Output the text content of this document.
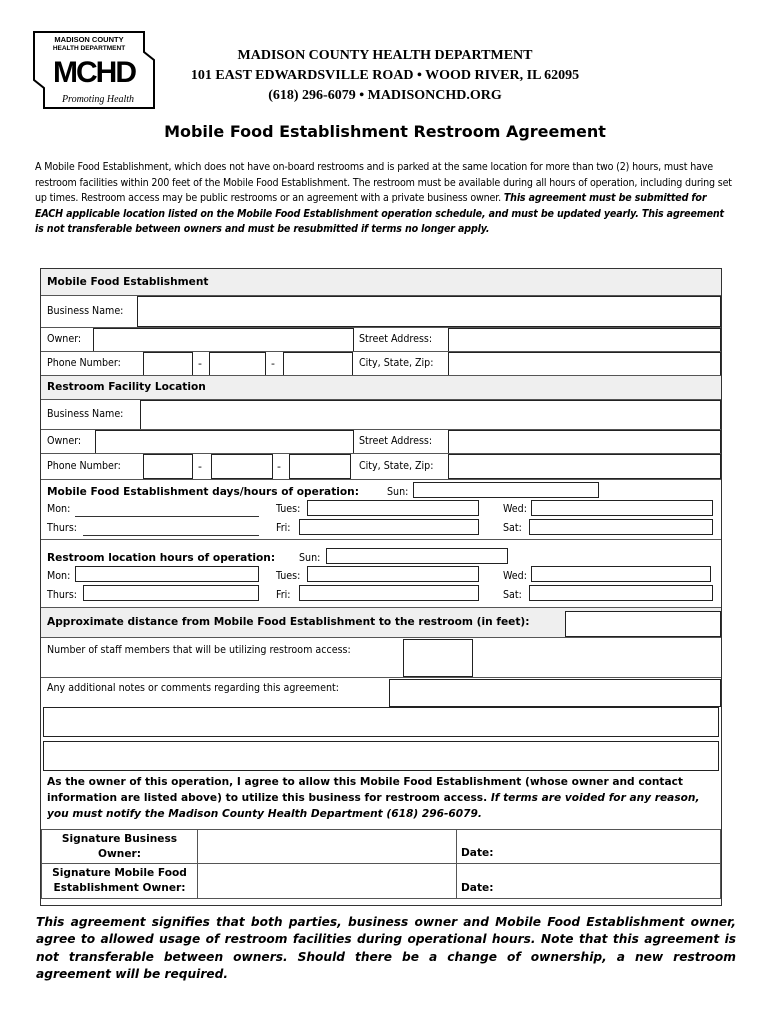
MADISON COUNTY
HEALTH DEPARTMENT
MCHD
Promoting Health
MADISON COUNTY HEALTH DEPARTMENT
101 EAST EDWARDSVILLE ROAD • WOOD RIVER, IL 62095
(618) 296-6079 • MADISONCHD.ORG
Mobile Food Establishment Restroom Agreement
A Mobile Food Establishment, which does not have on-board restrooms and is parked at the same location for more than two (2) hours, must have restroom facilities within 200 feet of the Mobile Food Establishment. The restroom must be available during all hours of operation, including during set up times. Restroom access may be public restrooms or an agreement with a private business owner. This agreement must be submitted for EACH applicable location listed on the Mobile Food Establishment operation schedule, and must be updated yearly. This agreement is not transferable between owners and must be resubmitted if terms no longer apply.
Mobile Food Establishment
Business Name:
Owner:	Street Address:
Phone Number:	-	-	City, State, Zip:
Restroom Facility Location
Business Name:
Owner:	Street Address:
Phone Number:	-	-	City, State, Zip:
Mobile Food Establishment days/hours of operation:	Sun:
Mon:	Tues:	Wed:
Thurs:	Fri:	Sat:
Restroom location hours of operation: Sun:
Mon:	Tues:	Wed:
Thurs:	Fri:	Sat:
Approximate distance from Mobile Food Establishment to the restroom (in feet):
Number of staff members that will be utilizing restroom access:
Any additional notes or comments regarding this agreement:
As the owner of this operation, I agree to allow this Mobile Food Establishment (whose owner and contact information are listed above) to utilize this business for restroom access. If terms are voided for any reason, you must notify the Madison County Health Department (618) 296-6079.
Signature Business Owner:	Date:
Signature Mobile Food Establishment Owner:	Date:
This agreement signifies that both parties, business owner and Mobile Food Establishment owner, agree to allowed usage of restroom facilities during operational hours. Note that this agreement is not transferable between owners. Should there be a change of ownership, a new restroom agreement will be required.
